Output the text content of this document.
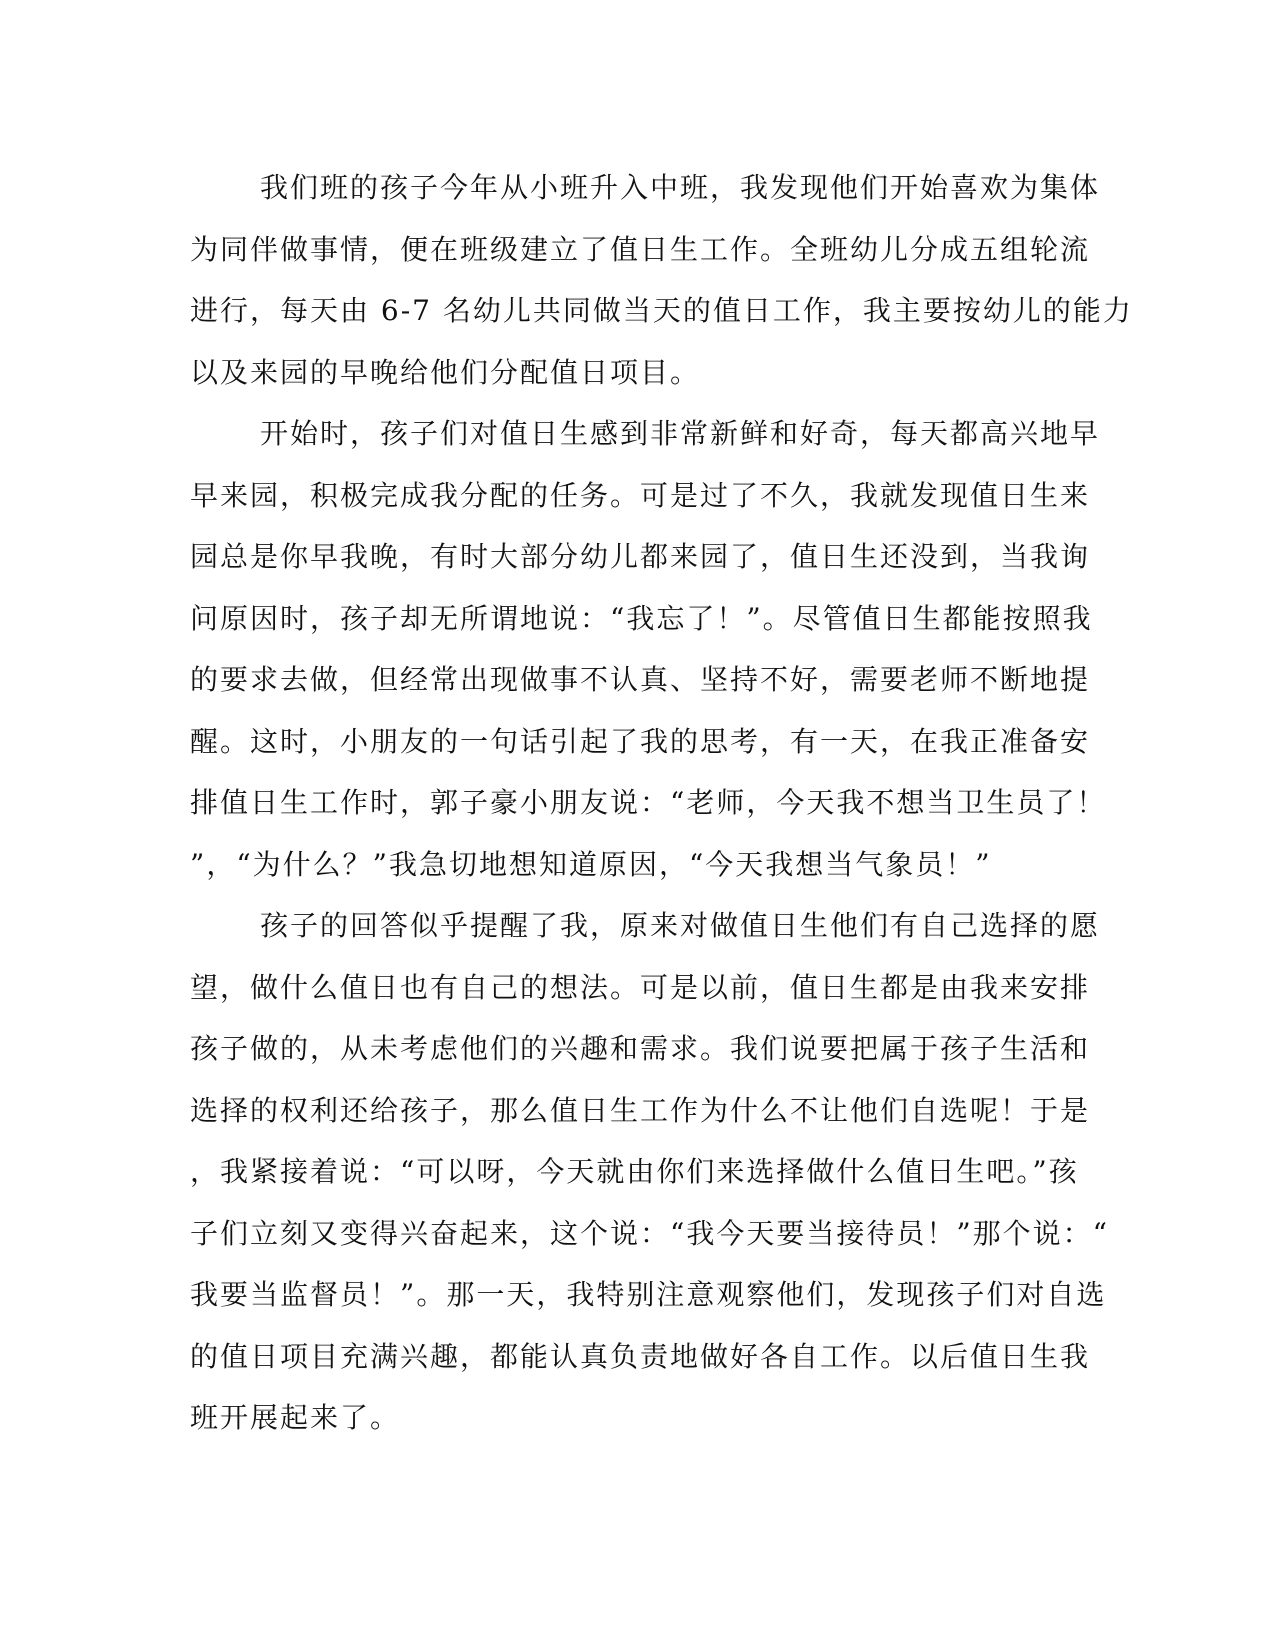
我们班的孩子今年从小班升入中班，我发现他们开始喜欢为集体
为同伴做事情，便在班级建立了值日生工作。全班幼儿分成五组轮流
进行，每天由 6-7 名幼儿共同做当天的值日工作，我主要按幼儿的能力
以及来园的早晚给他们分配值日项目。
开始时，孩子们对值日生感到非常新鲜和好奇，每天都高兴地早
早来园，积极完成我分配的任务。可是过了不久，我就发现值日生来
园总是你早我晚，有时大部分幼儿都来园了，值日生还没到，当我询
问原因时，孩子却无所谓地说：“我忘了！”。尽管值日生都能按照我
的要求去做，但经常出现做事不认真、坚持不好，需要老师不断地提
醒。这时，小朋友的一句话引起了我的思考，有一天，在我正准备安
排值日生工作时，郭子豪小朋友说：“老师，今天我不想当卫生员了！
”，“为什么？”我急切地想知道原因，“今天我想当气象员！”
孩子的回答似乎提醒了我，原来对做值日生他们有自己选择的愿
望，做什么值日也有自己的想法。可是以前，值日生都是由我来安排
孩子做的，从未考虑他们的兴趣和需求。我们说要把属于孩子生活和
选择的权利还给孩子，那么值日生工作为什么不让他们自选呢！于是
，我紧接着说：“可以呀，今天就由你们来选择做什么值日生吧。”孩
子们立刻又变得兴奋起来，这个说：“我今天要当接待员！”那个说：“
我要当监督员！”。那一天，我特别注意观察他们，发现孩子们对自选
的值日项目充满兴趣，都能认真负责地做好各自工作。以后值日生我
班开展起来了。
